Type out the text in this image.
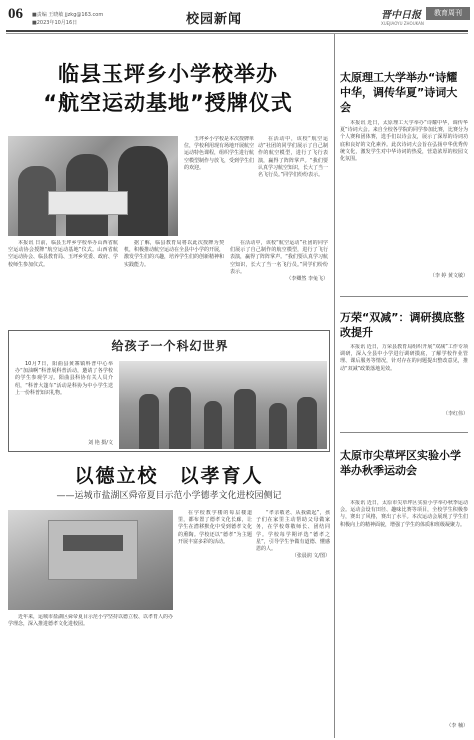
06 ■责编 王晓敏 jjzkg@163.com
■2023年10月16日	校园新闻	晋中日报	教育周刊
XUEJIAOYU ZHOUKAN
临县玉坪乡小学校举办
“航空运动基地”授牌仪式

玉坪乡小学校是本次授牌单位，学校利用现有场地开展航空运动特色课程，组织学生进行航空模型制作与放飞，受到学生们的欢迎。

在活动中，该校“航空运动”社团的同学们展示了自己制作的航空模型，进行了飞行表演，赢得了阵阵掌声。“我们要认真学习航空知识，长大了当一名飞行员。”同学们纷纷表示。

本报讯 日前，临县玉坪乡学校举办山西省航空运动协会授牌“航空运动基地”仪式。山西省航空运动协会、临县教育局、玉坪乡党委、政府、学校师生参加仪式。

据了解，临县教育局将以此次授牌为契机，积极推动航空运动在全县中小学的开展，激发学生们的兴趣，培养学生们的创新精神和实践能力。

在活动中，该校“航空运动”社团的同学们展示了自己制作的航空模型，进行了飞行表演，赢得了阵阵掌声。“我们要认真学习航空知识，长大了当一名飞行员。”同学们纷纷表示。

（李卿然 李兔飞）
给孩子一个科幻世界

10月7日，阳曲县黄寨镇科普中心举办“加油啊”科普展科普活动，邀请了各学校的学生参观学习。阳曲县科协有关人员介绍，“科普大篷车”活动是科协为中小学生送上一份科普知识礼物。

刘 艳 摄/文
以德立校　以孝育人
——运城市盐湖区舜帝夏目示范小学德孝文化进校园侧记

近年来，运城市盐湖区舜帝夏目示范小学坚持以德立校、以孝育人的办学理念，深入推进德孝文化进校园。

在学校教学楼的每层楼道里，都布置了德孝文化长廊，让学生在潜移默化中受到德孝文化的熏陶。学校还以“德孝”为主题开展丰富多彩的活动。

“孝亲敬老、从我做起”，孩子们在家里主动帮助父母做家务，在学校尊敬师长、团结同学。学校每学期评选“德孝之星”，引导学生争做有道德、懂感恩的人。

（张晨润 文/图）
太原理工大学举办“诗耀中华，调传华夏”诗词大会

本报讯 近日，太原理工大学举办“诗耀中华，调传华夏”诗词大会。来自全校各学院的同学参加比赛，比赛分为个人赛和团体赛，选手们以诗会友，展示了深厚的诗词功底和良好的文化素养。此次诗词大会旨在弘扬中华优秀传统文化，激发学生对中华诗词的热爱，营造浓厚的校园文化氛围。

（李 婷 黄文敏）
万荣“双减”：调研摸底整改提升

本报讯 近日，万荣县教育局组织开展“双减”工作专项调研，深入全县中小学进行调研摸底，了解学校作业管理、课后服务等情况，针对存在的问题提出整改意见，推动“双减”政策落地见效。

（李红伟）
太原市尖草坪区实验小学举办秋季运动会

本报讯 近日，太原市尖草坪区实验小学举办秋季运动会。运动会设有田径、趣味比赛等项目，全校学生积极参与，赛出了风格，赛出了水平。本次运动会展现了学生们积极向上的精神面貌，增强了学生的体质和班级凝聚力。

（李 楠）
